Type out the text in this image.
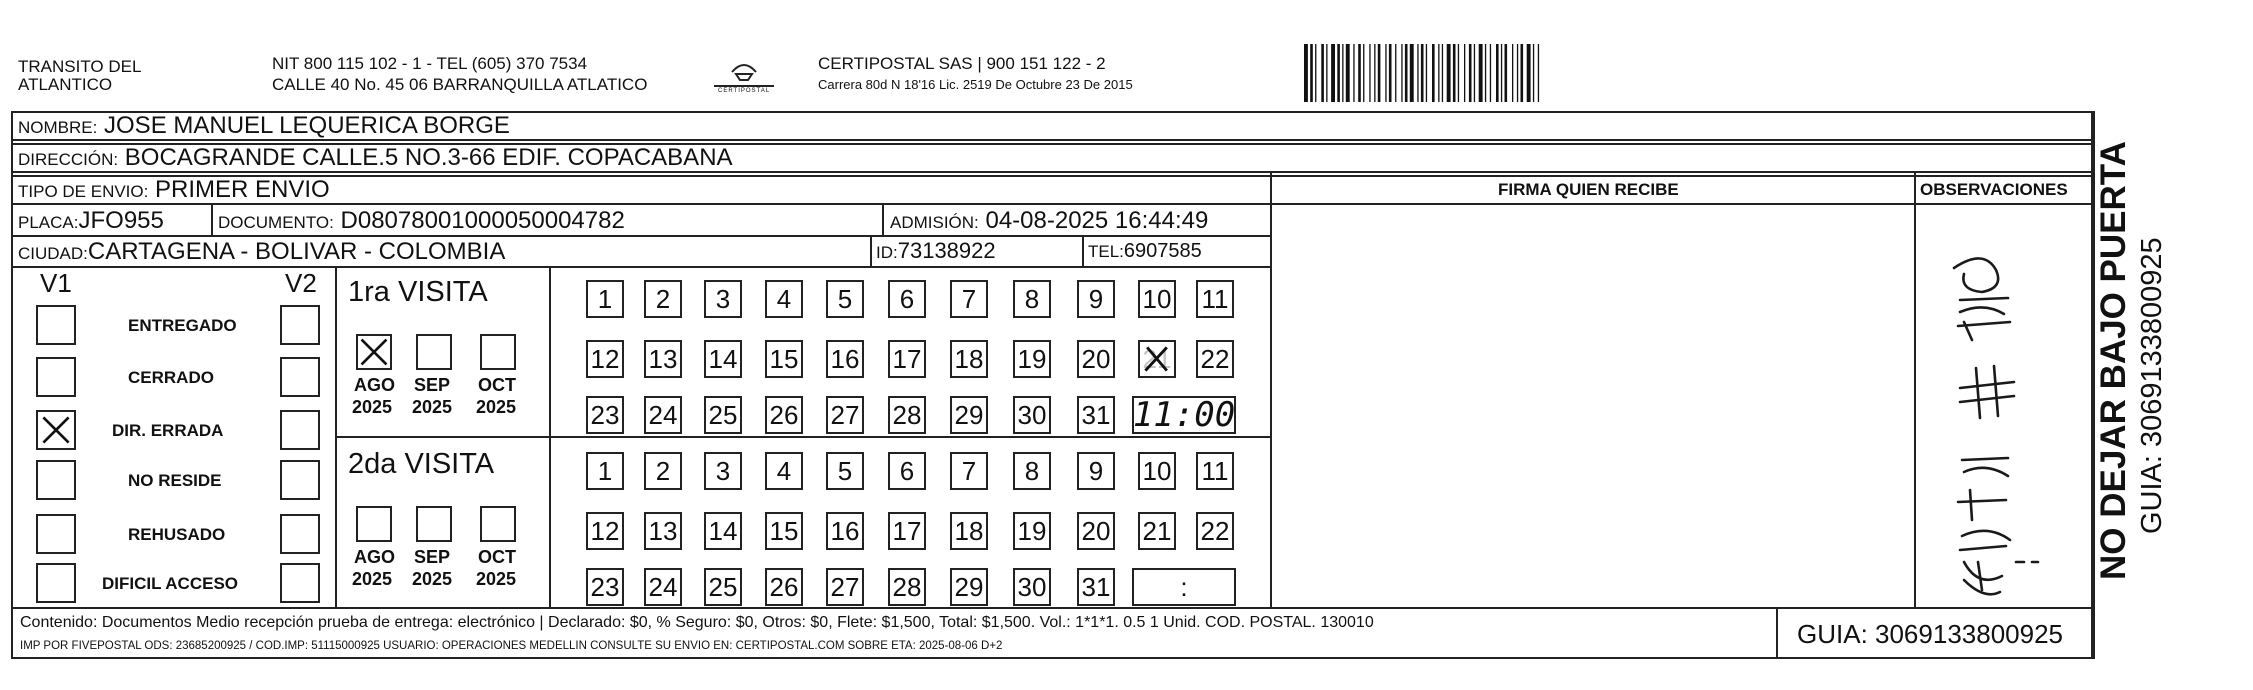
TRANSITO DEL
ATLANTICO
NIT 800 115 102 - 1 - TEL (605) 370 7534
CALLE 40 No. 45 06 BARRANQUILLA ATLATICO	CERTIPOSTAL
CERTIPOSTAL SAS | 900 151 122 - 2
Carrera 80d N 18'16 Lic. 2519 De Octubre 23 De 2015
NOMBRE: JOSE MANUEL LEQUERICA BORGE
DIRECCIÓN: BOCAGRANDE CALLE.5 NO.3-66 EDIF. COPACABANA
TIPO DE ENVIO: PRIMER ENVIO	FIRMA QUIEN RECIBE	OBSERVACIONES
PLACA:JFO955	DOCUMENTO: D08078001000050004782	ADMISIÓN: 04-08-2025 16:44:49
CIUDAD:CARTAGENA - BOLIVAR - COLOMBIA	ID:73138922	TEL:6907585
V1	V2
ENTREGADO
CERRADO
DIR. ERRADA
NO RESIDE
REHUSADO
DIFICIL ACCESO
1ra VISITA
AGO
2025
SEP
2025
OCT
2025
1 2 3 4 5 6 7 8 9 10 11
12 13 14 15 16 17 18 19 20 21 22
23 24 25 26 27 28 29 30 31 11:00
2da VISITA
AGO
2025
SEP
2025
OCT
2025
1 2 3 4 5 6 7 8 9 10 11
12 13 14 15 16 17 18 19 20 21 22
23 24 25 26 27 28 29 30 31	:
NO DEJAR BAJO PUERTA GUIA: 3069133800925
Contenido: Documentos Medio recepción prueba de entrega: electrónico | Declarado: $0, % Seguro: $0, Otros: $0, Flete: $1,500, Total: $1,500. Vol.: 1*1*1. 0.5 1 Unid. COD. POSTAL. 130010
IMP POR FIVEPOSTAL ODS: 23685200925 / COD.IMP: 51115000925 USUARIO: OPERACIONES MEDELLIN CONSULTE SU ENVIO EN: CERTIPOSTAL.COM SOBRE ETA: 2025-08-06 D+2	GUIA: 3069133800925
